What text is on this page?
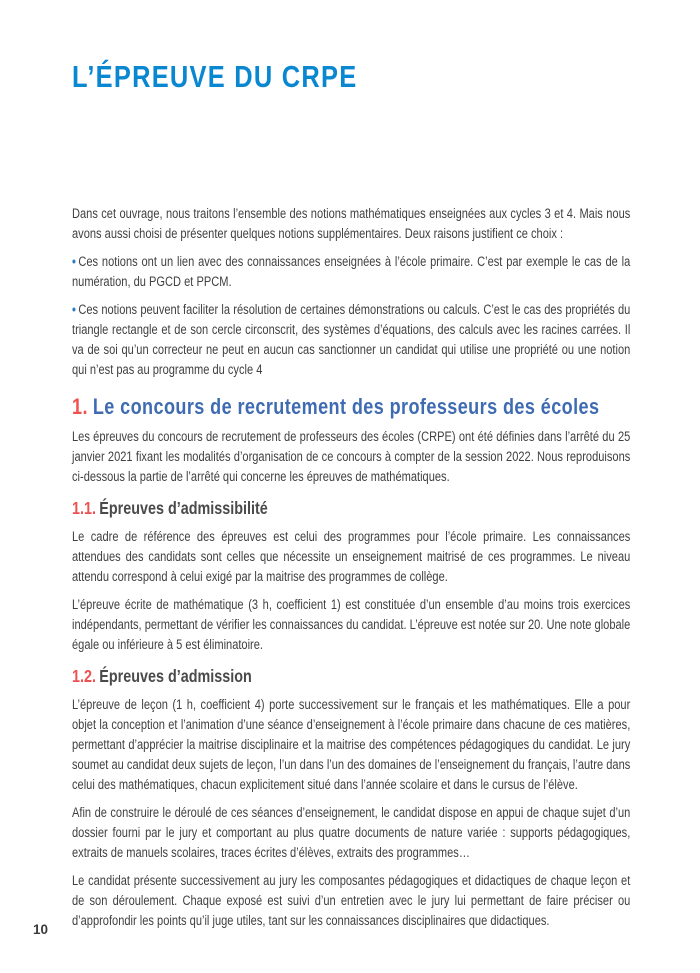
L’ÉPREUVE DU CRPE

Dans cet ouvrage, nous traitons l’ensemble des notions mathématiques enseignées aux cycles 3 et 4. Mais nous avons aussi choisi de présenter quelques notions supplémentaires. Deux raisons justifient ce choix :

• Ces notions ont un lien avec des connaissances enseignées à l’école primaire. C’est par exemple le cas de la numération, du PGCD et PPCM.

• Ces notions peuvent faciliter la résolution de certaines démonstrations ou calculs. C’est le cas des propriétés du triangle rectangle et de son cercle circonscrit, des systèmes d’équations, des calculs avec les racines carrées. Il va de soi qu’un correcteur ne peut en aucun cas sanctionner un candidat qui utilise une propriété ou une notion qui n’est pas au programme du cycle 4

1. Le concours de recrutement des professeurs des écoles

Les épreuves du concours de recrutement de professeurs des écoles (CRPE) ont été définies dans l’arrêté du 25 janvier 2021 fixant les modalités d’organisation de ce concours à compter de la session 2022. Nous reproduisons ci-dessous la partie de l’arrêté qui concerne les épreuves de mathématiques.

1.1. Épreuves d’admissibilité

Le cadre de référence des épreuves est celui des programmes pour l’école primaire. Les connaissances attendues des candidats sont celles que nécessite un enseignement maitrisé de ces programmes. Le niveau attendu correspond à celui exigé par la maitrise des programmes de collège.

L’épreuve écrite de mathématique (3 h, coefficient 1) est constituée d’un ensemble d’au moins trois exercices indépendants, permettant de vérifier les connaissances du candidat. L’épreuve est notée sur 20. Une note globale égale ou inférieure à 5 est éliminatoire.

1.2. Épreuves d’admission

L’épreuve de leçon (1 h, coefficient 4) porte successivement sur le français et les mathématiques. Elle a pour objet la conception et l’animation d’une séance d’enseignement à l’école primaire dans chacune de ces matières, permettant d’apprécier la maitrise disciplinaire et la maitrise des compétences pédagogiques du candidat. Le jury soumet au candidat deux sujets de leçon, l’un dans l’un des domaines de l’enseignement du français, l’autre dans celui des mathématiques, chacun explicitement situé dans l’année scolaire et dans le cursus de l’élève.

Afin de construire le déroulé de ces séances d’enseignement, le candidat dispose en appui de chaque sujet d’un dossier fourni par le jury et comportant au plus quatre documents de nature variée : supports pédagogiques, extraits de manuels scolaires, traces écrites d’élèves, extraits des programmes…

Le candidat présente successivement au jury les composantes pédagogiques et didactiques de chaque leçon et de son déroulement. Chaque exposé est suivi d’un entretien avec le jury lui permettant de faire préciser ou d’approfondir les points qu’il juge utiles, tant sur les connaissances disciplinaires que didactiques.

10
